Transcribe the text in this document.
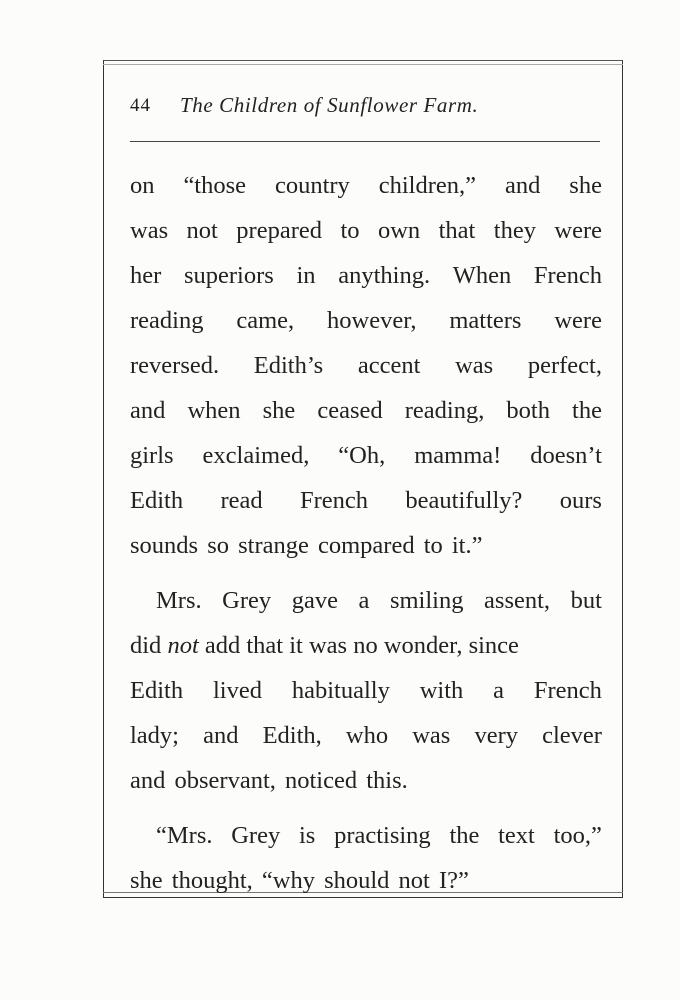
44 The Children of Sunflower Farm.
on “those country children,” and she
was not prepared to own that they were
her superiors in anything. When French
reading came, however, matters were
reversed. Edith’s accent was perfect,
and when she ceased reading, both the
girls exclaimed, “Oh, mamma! doesn’t
Edith read French beautifully? ours
sounds so strange compared to it.”
Mrs. Grey gave a smiling assent, but
did
not
add that it was no wonder, since
Edith lived habitually with a French
lady; and Edith, who was very clever
and observant, noticed this.
“Mrs. Grey is practising the text too,”
she thought, “why should not I?”
